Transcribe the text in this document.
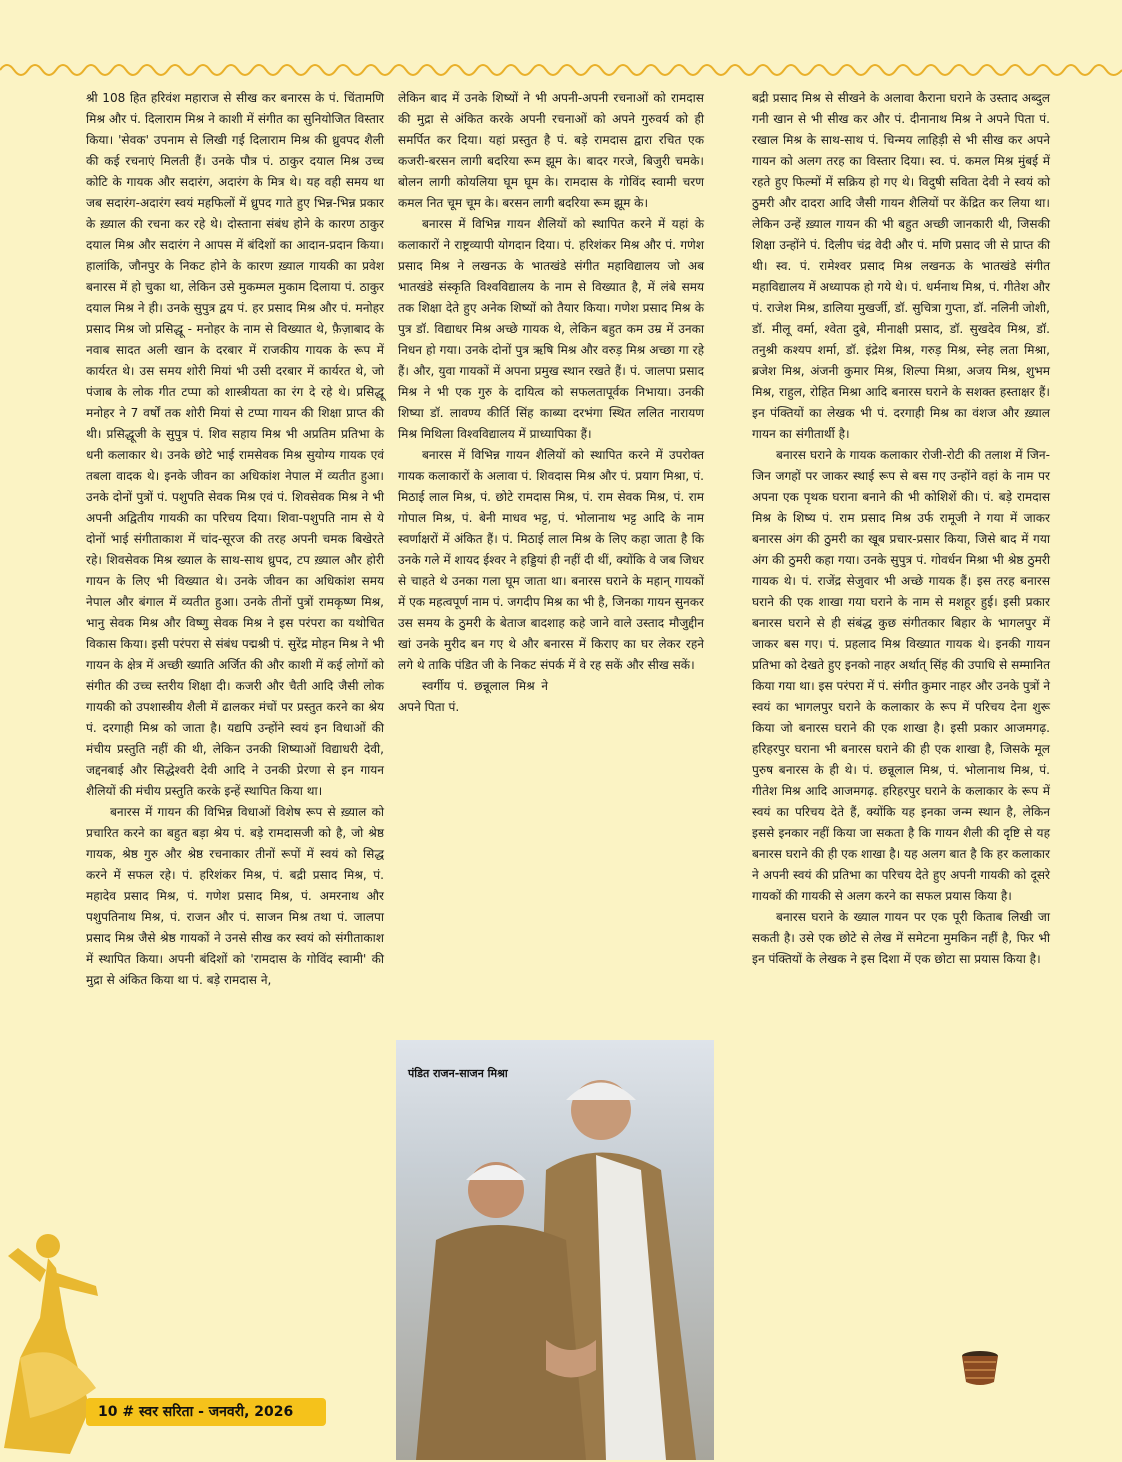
श्री 108 हित हरिवंश महाराज से सीख कर बनारस के पं. चिंतामणि मिश्र और पं. दिलाराम मिश्र ने काशी में संगीत का सुनियोजित विस्तार किया। 'सेवक' उपनाम से लिखी गई दिलाराम मिश्र की ध्रुवपद शैली की कई रचनाएं मिलती हैं। उनके पौत्र पं. ठाकुर दयाल मिश्र उच्च कोटि के गायक और सदारंग, अदारंग के मित्र थे। यह वही समय था जब सदारंग-अदारंग स्वयं महफिलों में ध्रुपद गाते हुए भिन्न-भिन्न प्रकार के ख़्याल की रचना कर रहे थे। दोस्ताना संबंध होने के कारण ठाकुर दयाल मिश्र और सदारंग ने आपस में बंदिशों का आदान-प्रदान किया। हालांकि, जौनपुर के निकट होने के कारण ख़्याल गायकी का प्रवेश बनारस में हो चुका था, लेकिन उसे मुकम्मल मुकाम दिलाया पं. ठाकुर दयाल मिश्र ने ही। उनके सुपुत्र द्वय पं. हर प्रसाद मिश्र और पं. मनोहर प्रसाद मिश्र जो प्रसिद्धू - मनोहर के नाम से विख्यात थे, फ़ैज़ाबाद के नवाब सादत अली खान के दरबार में राजकीय गायक के रूप में कार्यरत थे। उस समय शोरी मियां भी उसी दरबार में कार्यरत थे, जो पंजाब के लोक गीत टप्पा को शास्त्रीयता का रंग दे रहे थे। प्रसिद्धू मनोहर ने 7 वर्षों तक शोरी मियां से टप्पा गायन की शिक्षा प्राप्त की थी। प्रसिद्धूजी के सुपुत्र पं. शिव सहाय मिश्र भी अप्रतिम प्रतिभा के धनी कलाकार थे। उनके छोटे भाई रामसेवक मिश्र सुयोग्य गायक एवं तबला वादक थे। इनके जीवन का अधिकांश नेपाल में व्यतीत हुआ। उनके दोनों पुत्रों पं. पशुपति सेवक मिश्र एवं पं. शिवसेवक मिश्र ने भी अपनी अद्वितीय गायकी का परिचय दिया। शिवा-पशुपति नाम से ये दोनों भाई संगीताकाश में चांद-सूरज की तरह अपनी चमक बिखेरते रहे। शिवसेवक मिश्र ख्याल के साथ-साथ ध्रुपद, टप ख़्याल और होरी गायन के लिए भी विख्यात थे। उनके जीवन का अधिकांश समय नेपाल और बंगाल में व्यतीत हुआ। उनके तीनों पुत्रों रामकृष्ण मिश्र, भानु सेवक मिश्र और विष्णु सेवक मिश्र ने इस परंपरा का यथोचित विकास किया। इसी परंपरा से संबंध पद्मश्री पं. सुरेंद्र मोहन मिश्र ने भी गायन के क्षेत्र में अच्छी ख्याति अर्जित की और काशी में कई लोगों को संगीत की उच्च स्तरीय शिक्षा दी। कजरी और चैती आदि जैसी लोक गायकी को उपशास्त्रीय शैली में ढालकर मंचों पर प्रस्तुत करने का श्रेय पं. दरगाही मिश्र को जाता है। यद्यपि उन्होंने स्वयं इन विधाओं की मंचीय प्रस्तुति नहीं की थी, लेकिन उनकी शिष्याओं विद्याधरी देवी, जद्दनबाई और सिद्धेश्वरी देवी आदि ने उनकी प्रेरणा से इन गायन शैलियों की मंचीय प्रस्तुति करके इन्हें स्थापित किया था।

बनारस में गायन की विभिन्न विधाओं विशेष रूप से ख़्याल को प्रचारित करने का बहुत बड़ा श्रेय पं. बड़े रामदासजी को है, जो श्रेष्ठ गायक, श्रेष्ठ गुरु और श्रेष्ठ रचनाकार तीनों रूपों में स्वयं को सिद्ध करने में सफल रहे। पं. हरिशंकर मिश्र, पं. बद्री प्रसाद मिश्र, पं. महादेव प्रसाद मिश्र, पं. गणेश प्रसाद मिश्र, पं. अमरनाथ और पशुपतिनाथ मिश्र, पं. राजन और पं. साजन मिश्र तथा पं. जालपा प्रसाद मिश्र जैसे श्रेष्ठ गायकों ने उनसे सीख कर स्वयं को संगीताकाश में स्थापित किया। अपनी बंदिशों को 'रामदास के गोविंद स्वामी' की मुद्रा से अंकित किया था पं. बड़े रामदास ने,

लेकिन बाद में उनके शिष्यों ने भी अपनी-अपनी रचनाओं को रामदास की मुद्रा से अंकित करके अपनी रचनाओं को अपने गुरुवर्य को ही समर्पित कर दिया। यहां प्रस्तुत है पं. बड़े रामदास द्वारा रचित एक कजरी-बरसन लागी बदरिया रूम झूम के। बादर गरजे, बिजुरी चमके। बोलन लागी कोयलिया घूम घूम के। रामदास के गोविंद स्वामी चरण कमल नित चूम चूम के। बरसन लागी बदरिया रूम झूम के।

बनारस में विभिन्न गायन शैलियों को स्थापित करने में यहां के कलाकारों ने राष्ट्रव्यापी योगदान दिया। पं. हरिशंकर मिश्र और पं. गणेश प्रसाद मिश्र ने लखनऊ के भातखंडे संगीत महाविद्यालय जो अब भातखंडे संस्कृति विश्वविद्यालय के नाम से विख्यात है, में लंबे समय तक शिक्षा देते हुए अनेक शिष्यों को तैयार किया। गणेश प्रसाद मिश्र के पुत्र डॉ. विद्याधर मिश्र अच्छे गायक थे, लेकिन बहुत कम उम्र में उनका निधन हो गया। उनके दोनों पुत्र ऋषि मिश्र और वरुड़ मिश्र अच्छा गा रहे हैं। और, युवा गायकों में अपना प्रमुख स्थान रखते हैं। पं. जालपा प्रसाद मिश्र ने भी एक गुरु के दायित्व को सफलतापूर्वक निभाया। उनकी शिष्या डॉ. लावण्य कीर्ति सिंह काब्या दरभंगा स्थित ललित नारायण मिश्र मिथिला विश्वविद्यालय में प्राध्यापिका हैं।

बनारस में विभिन्न गायन शैलियों को स्थापित करने में उपरोक्त गायक कलाकारों के अलावा पं. शिवदास मिश्र और पं. प्रयाग मिश्रा, पं. मिठाई लाल मिश्र, पं. छोटे रामदास मिश्र, पं. राम सेवक मिश्र, पं. राम गोपाल मिश्र, पं. बेनी माधव भट्ट, पं. भोलानाथ भट्ट आदि के नाम स्वर्णाक्षरों में अंकित हैं। पं. मिठाई लाल मिश्र के लिए कहा जाता है कि उनके गले में शायद ईश्वर ने हड्डियां ही नहीं दी थीं, क्योंकि वे जब जिधर से चाहते थे उनका गला घूम जाता था। बनारस घराने के महान् गायकों में एक महत्वपूर्ण नाम पं. जगदीप मिश्र का भी है, जिनका गायन सुनकर उस समय के ठुमरी के बेताज बादशाह कहे जाने वाले उस्ताद मौजुद्दीन खां उनके मुरीद बन गए थे और बनारस में किराए का घर लेकर रहने लगे थे ताकि पंडित जी के निकट संपर्क में वे रह सकें और सीख सकें।

स्वर्गीय पं. छन्नूलाल मिश्र ने अपने पिता पं.

बद्री प्रसाद मिश्र से सीखने के अलावा कैराना घराने के उस्ताद अब्दुल गनी खान से भी सीख कर और पं. दीनानाथ मिश्र ने अपने पिता पं. रखाल मिश्र के साथ-साथ पं. चिन्मय लाहिड़ी से भी सीख कर अपने गायन को अलग तरह का विस्तार दिया। स्व. पं. कमल मिश्र मुंबई में रहते हुए फिल्मों में सक्रिय हो गए थे। विदुषी सविता देवी ने स्वयं को ठुमरी और दादरा आदि जैसी गायन शैलियों पर केंद्रित कर लिया था। लेकिन उन्हें ख़्याल गायन की भी बहुत अच्छी जानकारी थी, जिसकी शिक्षा उन्होंने पं. दिलीप चंद्र वेदी और पं. मणि प्रसाद जी से प्राप्त की थी। स्व. पं. रामेश्वर प्रसाद मिश्र लखनऊ के भातखंडे संगीत महाविद्यालय में अध्यापक हो गये थे। पं. धर्मनाथ मिश्र, पं. गीतेश और पं. राजेश मिश्र, डालिया मुखर्जी, डॉ. सुचित्रा गुप्ता, डॉ. नलिनी जोशी, डॉ. मीलू वर्मा, श्वेता दुबे, मीनाक्षी प्रसाद, डॉ. सुखदेव मिश्र, डॉ. तनुश्री कश्यप शर्मा, डॉ. इंद्रेश मिश्र, गरुड़ मिश्र, स्नेह लता मिश्रा, ब्रजेश मिश्र, अंजनी कुमार मिश्र, शिल्पा मिश्रा, अजय मिश्र, शुभम मिश्र, राहुल, रोहित मिश्रा आदि बनारस घराने के सशक्त हस्ताक्षर हैं। इन पंक्तियों का लेखक भी पं. दरगाही मिश्र का वंशज और ख़्याल गायन का संगीतार्थी है।

बनारस घराने के गायक कलाकार रोजी-रोटी की तलाश में जिन-जिन जगहों पर जाकर स्थाई रूप से बस गए उन्होंने वहां के नाम पर अपना एक पृथक घराना बनाने की भी कोशिशें की। पं. बड़े रामदास मिश्र के शिष्य पं. राम प्रसाद मिश्र उर्फ रामूजी ने गया में जाकर बनारस अंग की ठुमरी का खूब प्रचार-प्रसार किया, जिसे बाद में गया अंग की ठुमरी कहा गया। उनके सुपुत्र पं. गोवर्धन मिश्रा भी श्रेष्ठ ठुमरी गायक थे। पं. राजेंद्र सेजुवार भी अच्छे गायक हैं। इस तरह बनारस घराने की एक शाखा गया घराने के नाम से मशहूर हुई। इसी प्रकार बनारस घराने से ही संबंद्ध कुछ संगीतकार बिहार के भागलपुर में जाकर बस गए। पं. प्रहलाद मिश्र विख्यात गायक थे। इनकी गायन प्रतिभा को देखते हुए इनको नाहर अर्थात् सिंह की उपाधि से सम्मानित किया गया था। इस परंपरा में पं. संगीत कुमार नाहर और उनके पुत्रों ने स्वयं का भागलपुर घराने के कलाकार के रूप में परिचय देना शुरू किया जो बनारस घराने की एक शाखा है। इसी प्रकार आजमगढ़. हरिहरपुर घराना भी बनारस घराने की ही एक शाखा है, जिसके मूल पुरुष बनारस के ही थे। पं. छन्नूलाल मिश्र, पं. भोलानाथ मिश्र, पं. गीतेश मिश्र आदि आजमगढ़. हरिहरपुर घराने के कलाकार के रूप में स्वयं का परिचय देते हैं, क्योंकि यह इनका जन्म स्थान है, लेकिन इससे इनकार नहीं किया जा सकता है कि गायन शैली की दृष्टि से यह बनारस घराने की ही एक शाखा है। यह अलग बात है कि हर कलाकार ने अपनी स्वयं की प्रतिभा का परिचय देते हुए अपनी गायकी को दूसरे गायकों की गायकी से अलग करने का सफल प्रयास किया है।

बनारस घराने के ख्याल गायन पर एक पूरी किताब लिखी जा सकती है। उसे एक छोटे से लेख में समेटना मुमकिन नहीं है, फिर भी इन पंक्तियों के लेखक ने इस दिशा में एक छोटा सा प्रयास किया है।

पंडित राजन-साजन मिश्रा
10 # स्वर सरिता - जनवरी, 2026
